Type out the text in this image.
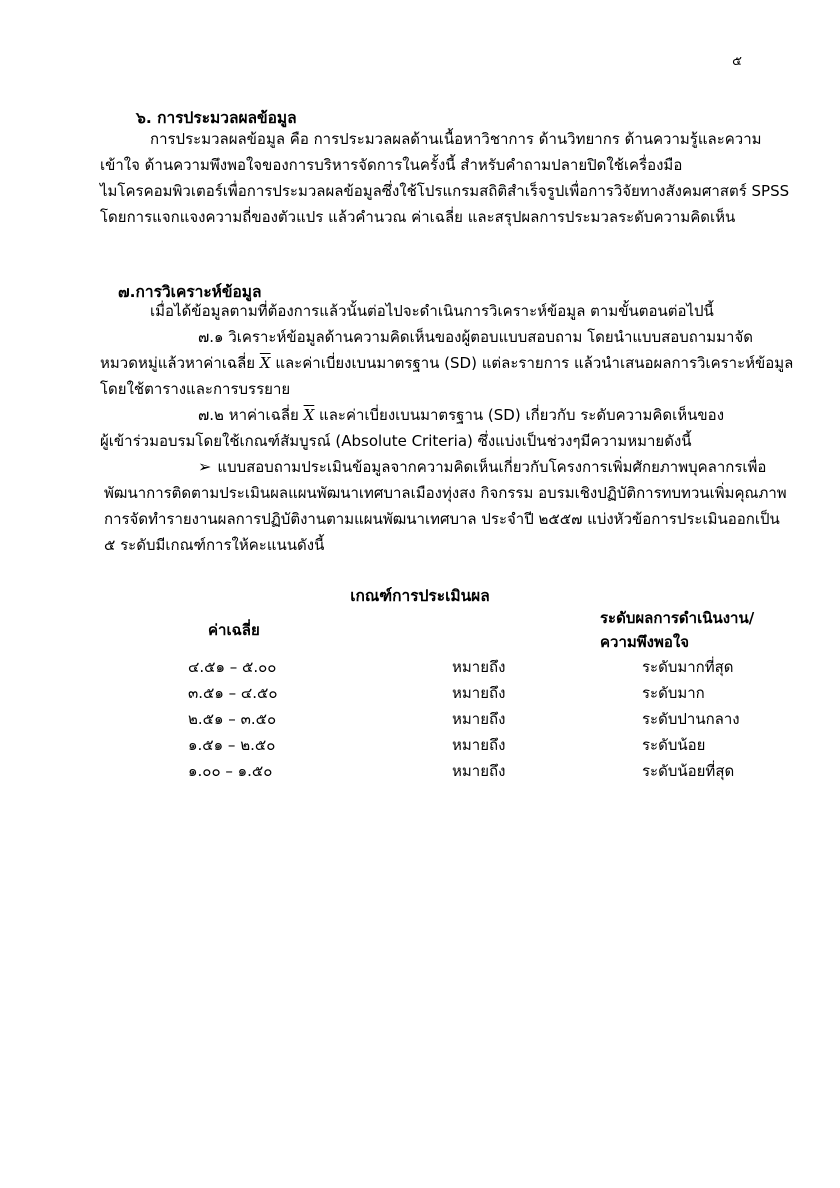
๕
๖. การประมวลผลข้อมูล
การประมวลผลข้อมูล คือ การประมวลผลด้านเนื้อหาวิชาการ ด้านวิทยากร ด้านความรู้และความ
เข้าใจ ด้านความพึงพอใจของการบริหารจัดการในครั้งนี้ สำหรับคำถามปลายปิดใช้เครื่องมือ
ไมโครคอมพิวเตอร์เพื่อการประมวลผลข้อมูลซึ่งใช้โปรแกรมสถิติสำเร็จรูปเพื่อการวิจัยทางสังคมศาสตร์ SPSS
โดยการแจกแจงความถี่ของตัวแปร แล้วคำนวณ ค่าเฉลี่ย และสรุปผลการประมวลระดับความคิดเห็น
๗.การวิเคราะห์ข้อมูล
เมื่อได้ข้อมูลตามที่ต้องการแล้วนั้นต่อไปจะดำเนินการวิเคราะห์ข้อมูล ตามขั้นตอนต่อไปนี้
๗.๑ วิเคราะห์ข้อมูลด้านความคิดเห็นของผู้ตอบแบบสอบถาม โดยนำแบบสอบถามมาจัด
หมวดหมู่แล้วหาค่าเฉลี่ย $\overline{X}$ และค่าเบี่ยงเบนมาตรฐาน (SD) แต่ละรายการ แล้วนำเสนอผลการวิเคราะห์ข้อมูล
โดยใช้ตารางและการบรรยาย
๗.๒ หาค่าเฉลี่ย $\overline{X}$ และค่าเบี่ยงเบนมาตรฐาน (SD) เกี่ยวกับ ระดับความคิดเห็นของ
ผู้เข้าร่วมอบรมโดยใช้เกณฑ์สัมบูรณ์ (Absolute Criteria) ซึ่งแบ่งเป็นช่วงๆมีความหมายดังนี้
➢ แบบสอบถามประเมินข้อมูลจากความคิดเห็นเกี่ยวกับโครงการเพิ่มศักยภาพบุคลากรเพื่อ
พัฒนาการติดตามประเมินผลแผนพัฒนาเทศบาลเมืองทุ่งสง กิจกรรม อบรมเชิงปฏิบัติการทบทวนเพิ่มคุณภาพ
การจัดทำรายงานผลการปฏิบัติงานตามแผนพัฒนาเทศบาล ประจำปี ๒๕๕๗ แบ่งหัวข้อการประเมินออกเป็น
๕ ระดับมีเกณฑ์การให้คะแนนดังนี้
เกณฑ์การประเมินผล
ค่าเฉลี่ย		ระดับผลการดำเนินงาน/ความพึงพอใจ
๔.๕๑ – ๕.๐๐	หมายถึง	ระดับมากที่สุด
๓.๕๑ – ๔.๕๐	หมายถึง	ระดับมาก
๒.๕๑ – ๓.๕๐	หมายถึง	ระดับปานกลาง
๑.๕๑ – ๒.๕๐	หมายถึง	ระดับน้อย
๑.๐๐ – ๑.๕๐	หมายถึง	ระดับน้อยที่สุด
